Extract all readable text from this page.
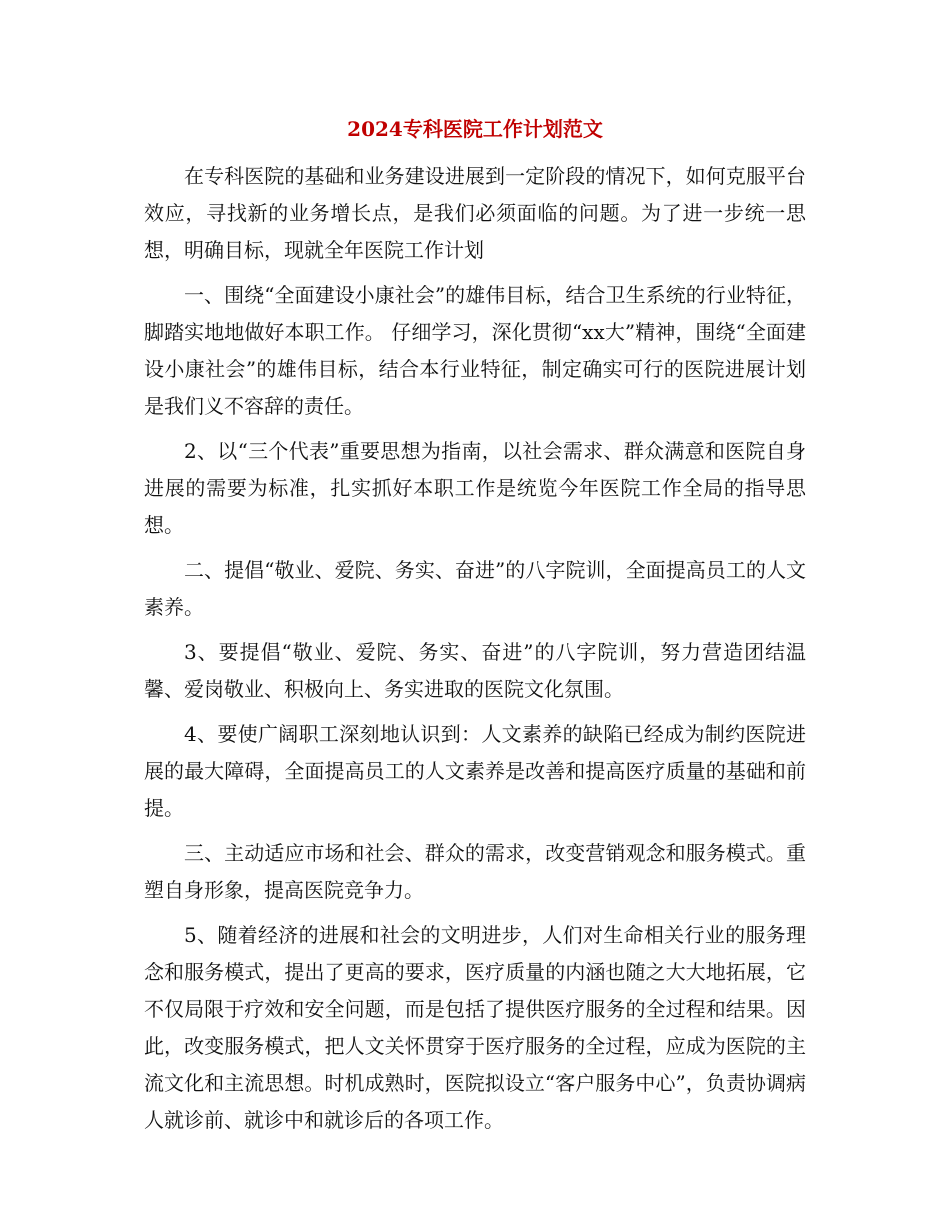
2024专科医院工作计划范文

在专科医院的基础和业务建设进展到一定阶段的情况下，如何克服平台效应，寻找新的业务增长点，是我们必须面临的问题。为了进一步统一思想，明确目标，现就全年医院工作计划

一、围绕“全面建设小康社会”的雄伟目标，结合卫生系统的行业特征，脚踏实地地做好本职工作。 仔细学习，深化贯彻“xx大”精神，围绕“全面建设小康社会”的雄伟目标，结合本行业特征，制定确实可行的医院进展计划是我们义不容辞的责任。

2、以“三个代表”重要思想为指南，以社会需求、群众满意和医院自身进展的需要为标准，扎实抓好本职工作是统览今年医院工作全局的指导思想。

二、提倡“敬业、爱院、务实、奋进”的八字院训，全面提高员工的人文素养。

3、要提倡“敬业、爱院、务实、奋进”的八字院训，努力营造团结温馨、爱岗敬业、积极向上、务实进取的医院文化氛围。

4、要使广阔职工深刻地认识到：人文素养的缺陷已经成为制约医院进展的最大障碍，全面提高员工的人文素养是改善和提高医疗质量的基础和前提。

三、主动适应市场和社会、群众的需求，改变营销观念和服务模式。重塑自身形象，提高医院竞争力。

5、随着经济的进展和社会的文明进步，人们对生命相关行业的服务理念和服务模式，提出了更高的要求，医疗质量的内涵也随之大大地拓展，它不仅局限于疗效和安全问题，而是包括了提供医疗服务的全过程和结果。因此，改变服务模式，把人文关怀贯穿于医疗服务的全过程，应成为医院的主流文化和主流思想。时机成熟时，医院拟设立“客户服务中心”，负责协调病人就诊前、就诊中和就诊后的各项工作。
